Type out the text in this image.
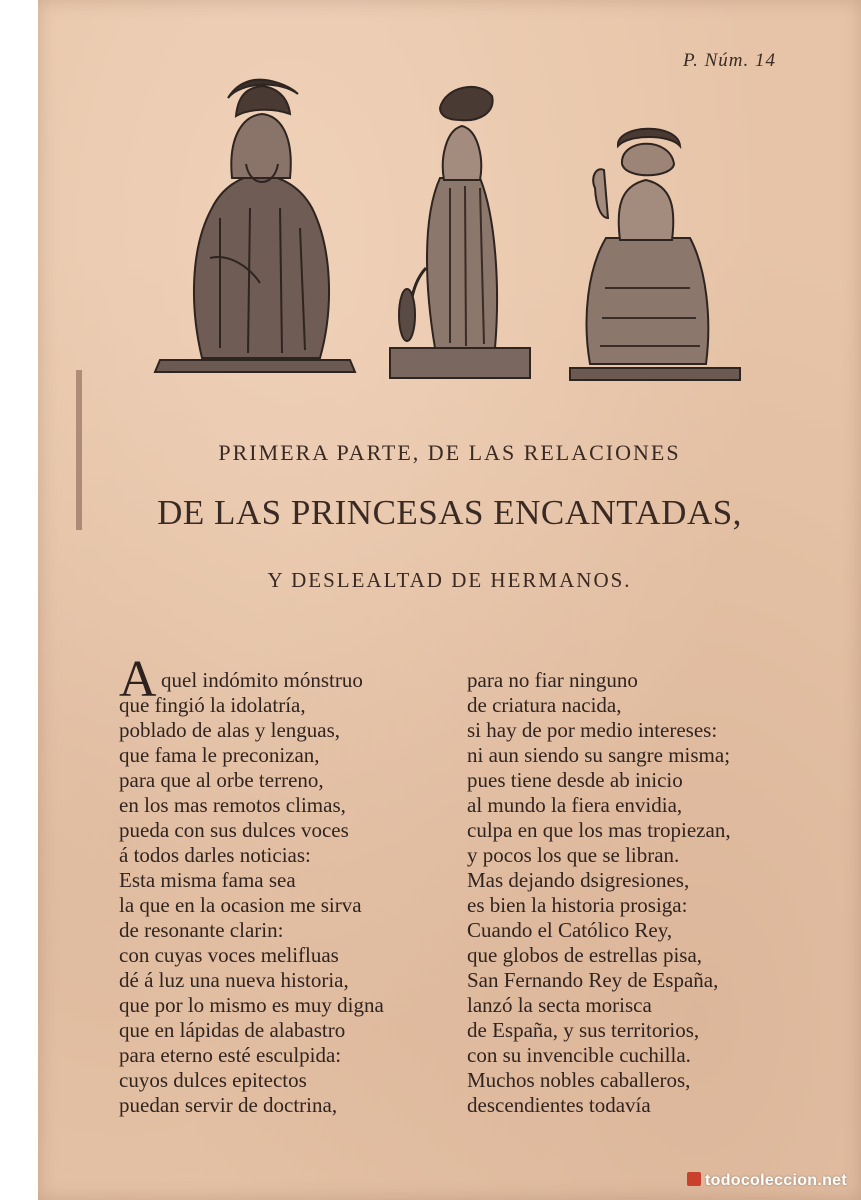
P. Núm. 14
PRIMERA PARTE, DE LAS RELACIONES
DE LAS PRINCESAS ENCANTADAS,
Y DESLEALTAD DE HERMANOS.
A quel indómito mónstruo
que fingió la idolatría,
poblado de alas y lenguas,
que fama le preconizan,
para que al orbe terreno,
en los mas remotos climas,
pueda con sus dulces voces
á todos darles noticias:
Esta misma fama sea
la que en la ocasion me sirva
de resonante clarin:
con cuyas voces melifluas
dé á luz una nueva historia,
que por lo mismo es muy digna
que en lápidas de alabastro
para eterno esté esculpida:
cuyos dulces epitectos
puedan servir de doctrina,
para no fiar ninguno
de criatura nacida,
si hay de por medio intereses:
ni aun siendo su sangre misma;
pues tiene desde ab inicio
al mundo la fiera envidia,
culpa en que los mas tropiezan,
y pocos los que se libran.
Mas dejando dsigresiones,
es bien la historia prosiga:
Cuando el Católico Rey,
que globos de estrellas pisa,
San Fernando Rey de España,
lanzó la secta morisca
de España, y sus territorios,
con su invencible cuchilla.
Muchos nobles caballeros,
descendientes todavía
todocoleccion.net
